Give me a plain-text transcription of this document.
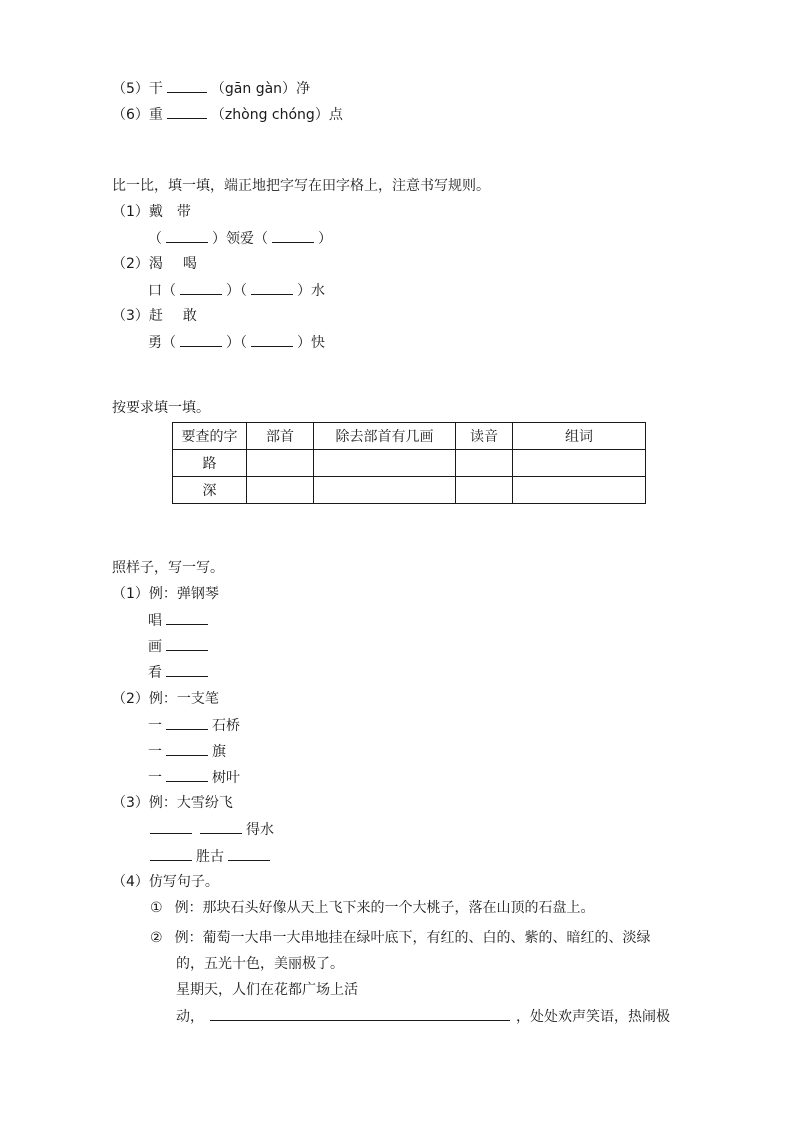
（5）干	（gān gàn）净
（6）重	（zhòng chóng）点
比一比，填一填，端正地把字写在田字格上，注意书写规则。
（1）戴 带
（	）领爱（	）
（2）渴 喝
口（	）（	）水
（3）赶 敢
勇（	）（	）快
按要求填一填。
要查的字	部首	除去部首有几画	读音	组词
路				
深				
照样子，写一写。
（1）例：弹钢琴
唱
画
看
（2）例：一支笔
一	石桥
一	旗
一	树叶
（3）例：大雪纷飞
得水
胜古
（4）仿写句子。
① 例：那块石头好像从天上飞下来的一个大桃子，落在山顶的石盘上。
② 例：葡萄一大串一大串地挂在绿叶底下，有红的、白的、紫的、暗红的、淡绿
的，五光十色，美丽极了。
星期天，人们在花都广场上活
动，	，处处欢声笑语，热闹极
